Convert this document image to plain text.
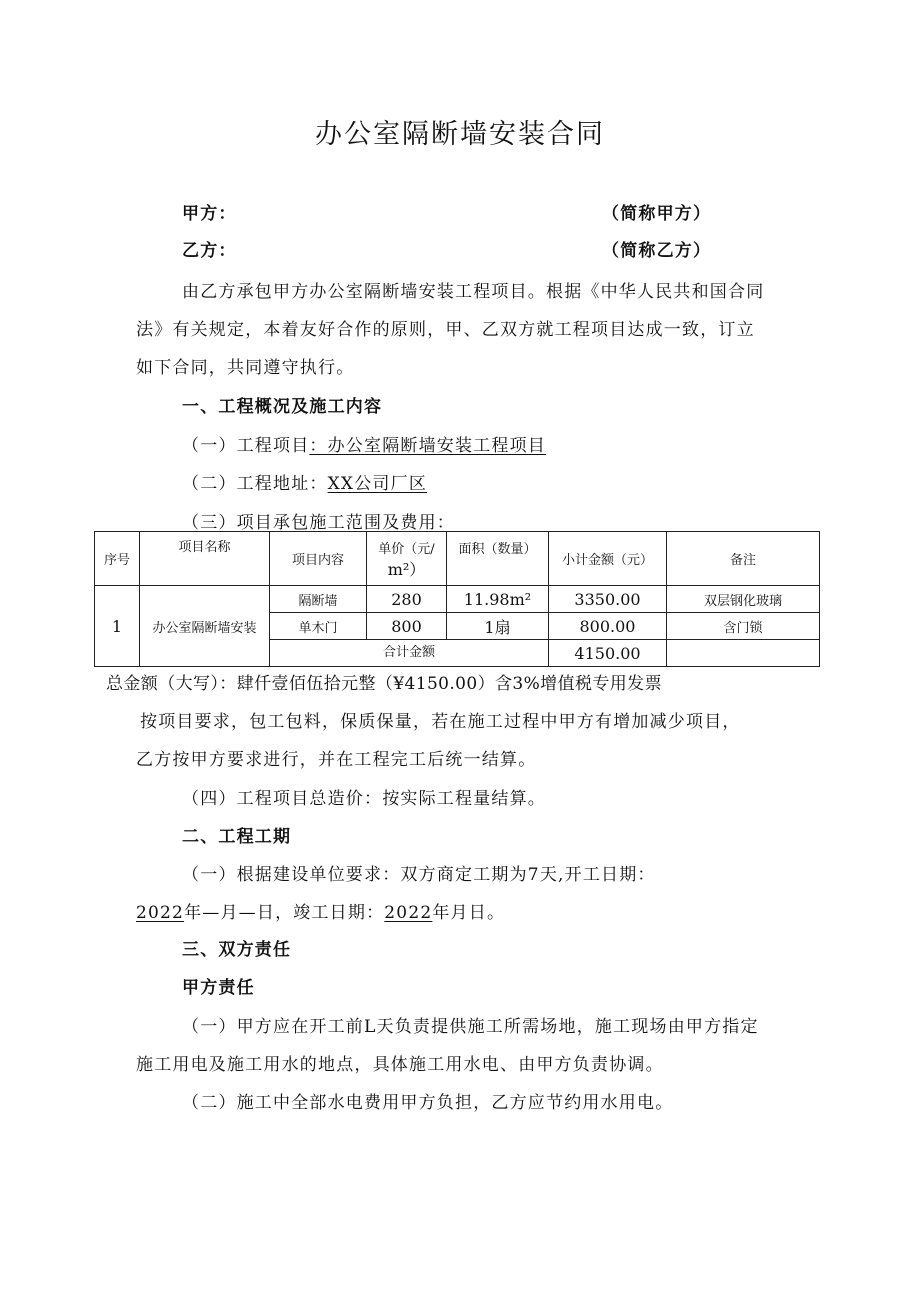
办公室隔断墙安装合同
甲方：	（简称甲方）
乙方：	（简称乙方）
由乙方承包甲方办公室隔断墙安装工程项目。根据《中华人民共和国合同
法》有关规定，本着友好合作的原则，甲、乙双方就工程项目达成一致，订立
如下合同，共同遵守执行。
一、工程概况及施工内容
（一）工程项目：办公室隔断墙安装工程项目
（二）工程地址：XX公司厂区
（三）项目承包施工范围及费用：
序号	项目名称	项目内容	单价（元/
m²）	面积（数量）	小计金额（元）	备注
1	办公室隔断墙安装	隔断墙	280	11.98m²	3350.00	双层钢化玻璃
		单木门	800	1扇	800.00	含门锁
		合计金额			4150.00	
总金额（大写）：肆仟壹佰伍拾元整（¥4150.00）含3%增值税专用发票
按项目要求，包工包料，保质保量，若在施工过程中甲方有增加减少项目，
乙方按甲方要求进行，并在工程完工后统一结算。
（四）工程项目总造价：按实际工程量结算。
二、工程工期
（一）根据建设单位要求：双方商定工期为7天,开工日期：
2022年—月—日，竣工日期：2022年月日。
三、双方责任
甲方责任
（一）甲方应在开工前L天负责提供施工所需场地，施工现场由甲方指定
施工用电及施工用水的地点，具体施工用水电、由甲方负责协调。
（二）施工中全部水电费用甲方负担，乙方应节约用水用电。
